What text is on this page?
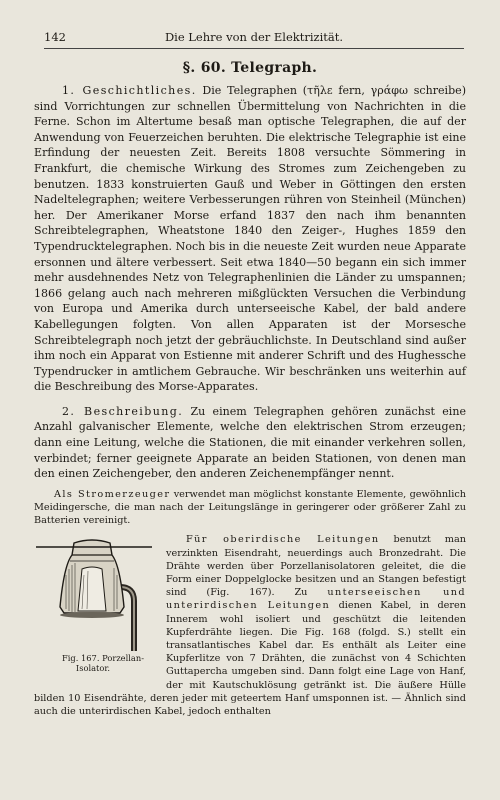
142	Die Lehre von der Elektrizität.
§. 60. Telegraph.

1. Geschichtliches. Die Telegraphen (τῆλε fern, γράφω schreibe) sind Vorrichtungen zur schnellen Übermittelung von Nachrichten in die Ferne. Schon im Altertume besaß man optische Telegraphen, die auf der Anwendung von Feuerzeichen beruhten. Die elektrische Telegraphie ist eine Erfindung der neuesten Zeit. Bereits 1808 versuchte Sömmering in Frankfurt, die chemische Wirkung des Stromes zum Zeichengeben zu benutzen. 1833 konstruierten Gauß und Weber in Göttingen den ersten Nadeltelegraphen; weitere Verbesserungen rühren von Steinheil (München) her. Der Amerikaner Morse erfand 1837 den nach ihm benannten Schreibtelegraphen, Wheatstone 1840 den Zeiger-, Hughes 1859 den Typendrucktelegraphen. Noch bis in die neueste Zeit wurden neue Apparate ersonnen und ältere verbessert. Seit etwa 1840—50 begann ein sich immer mehr ausdehnendes Netz von Telegraphenlinien die Länder zu umspannen; 1866 gelang auch nach mehreren mißglückten Versuchen die Verbindung von Europa und Amerika durch unterseeische Kabel, der bald andere Kabellegungen folgten. Von allen Apparaten ist der Morsesche Schreibtelegraph noch jetzt der gebräuchlichste. In Deutschland sind außer ihm noch ein Apparat von Estienne mit anderer Schrift und des Hughessche Typendrucker in amtlichem Gebrauche. Wir beschränken uns weiterhin auf die Beschreibung des Morse-Apparates.

2. Beschreibung. Zu einem Telegraphen gehören zunächst eine Anzahl galvanischer Elemente, welche den elektrischen Strom erzeugen; dann eine Leitung, welche die Stationen, die mit einander verkehren sollen, verbindet; ferner geeignete Apparate an beiden Stationen, von denen man den einen Zeichengeber, den anderen Zeichenempfänger nennt.

Als Stromerzeuger verwendet man möglichst konstante Elemente, gewöhnlich Meidingersche, die man nach der Leitungslänge in geringerer oder größerer Zahl zu Batterien vereinigt.

Fig. 167. Porzellan-Isolator.

Für oberirdische Leitungen benutzt man verzinkten Eisendraht, neuerdings auch Bronzedraht. Die Drähte werden über Porzellanisolatoren geleitet, die die Form einer Doppelglocke besitzen und an Stangen befestigt sind (Fig. 167). Zu unterseeischen und unterirdischen Leitungen dienen Kabel, in deren Innerem wohl isoliert und geschützt die leitenden Kupferdrähte liegen. Die Fig. 168 (folgd. S.) stellt ein transatlantisches Kabel dar. Es enthält als Leiter eine Kupferlitze von 7 Drähten, die zunächst von 4 Schichten Guttapercha umgeben sind. Dann folgt eine Lage von Hanf, der mit Kautschuklösung getränkt ist. Die äußere Hülle bilden 10 Eisendrähte, deren jeder mit geteertem Hanf umsponnen ist. — Ähnlich sind auch die unterirdischen Kabel, jedoch enthalten
